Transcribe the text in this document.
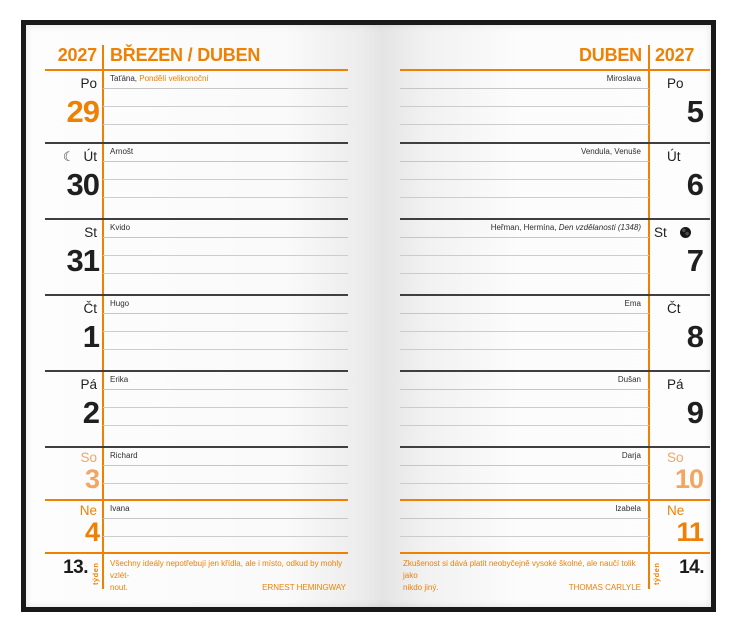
2027 BŘEZEN / DUBEN
Po
29
Taťána, Pondělí velikonoční
☾ Út
30
Arnošt
St
31
Kvido
Čt
1
Hugo
Pá
2
Erika
So
3
Richard
Ne
4
Ivana
13. týden Všechny ideály nepotřebují jen křídla, ale i místo, odkud by mohly vzlét-
nout.	ERNEST HEMINGWAY
DUBEN 2027
Po
5
Miroslava
Út
6
Vendula, Venuše
St
7
Heřman, Hermína, Den vzdělanosti (1348)
Čt
8
Ema
Pá
9
Dušan
So
10
Darja
Ne
11
Izabela
Zkušenost si dává platit neobyčejně vysoké školné, ale naučí tolik jako
nikdo jiný.	THOMAS CARLYLE
týden 14.
